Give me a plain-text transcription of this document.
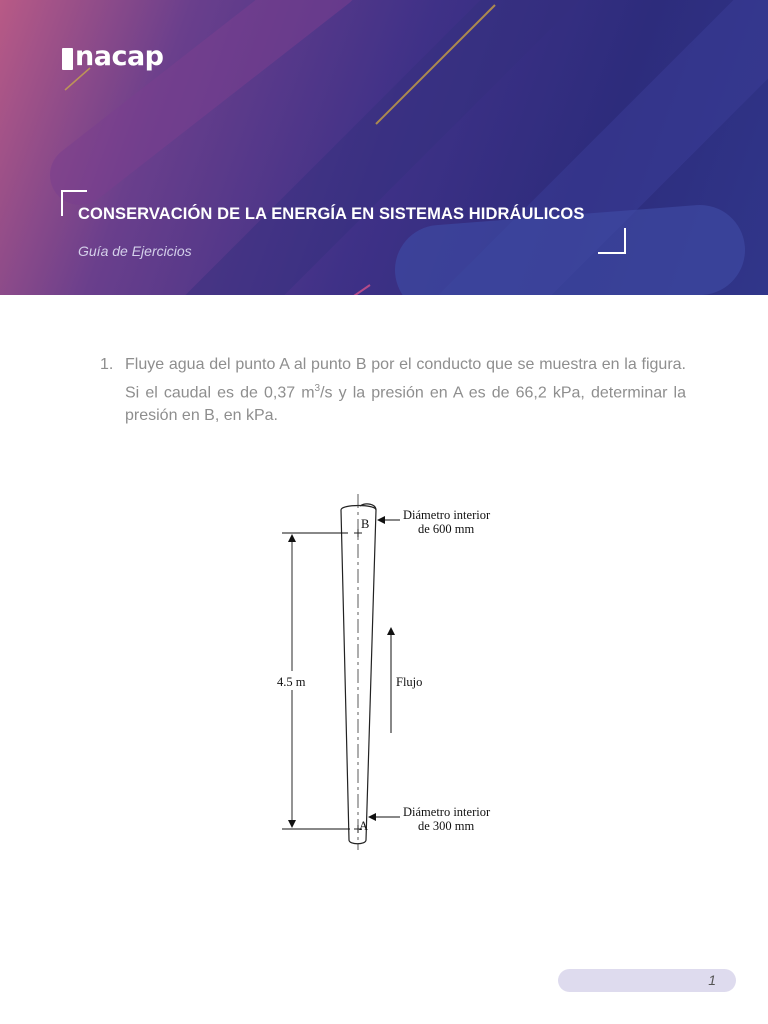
nacap
CONSERVACIÓN DE LA ENERGÍA EN SISTEMAS HIDRÁULICOS
Guía de Ejercicios
1. Fluye agua del punto A al punto B por el conducto que se muestra en la figura. Si el caudal es de 0,37 $m^3/s$ y la presión en A es de 66,2 kPa, determinar la presión en B, en kPa.
B
A
Diámetro interior
de 600 mm
Diámetro interior
de 300 mm
4.5 m	Flujo
1
